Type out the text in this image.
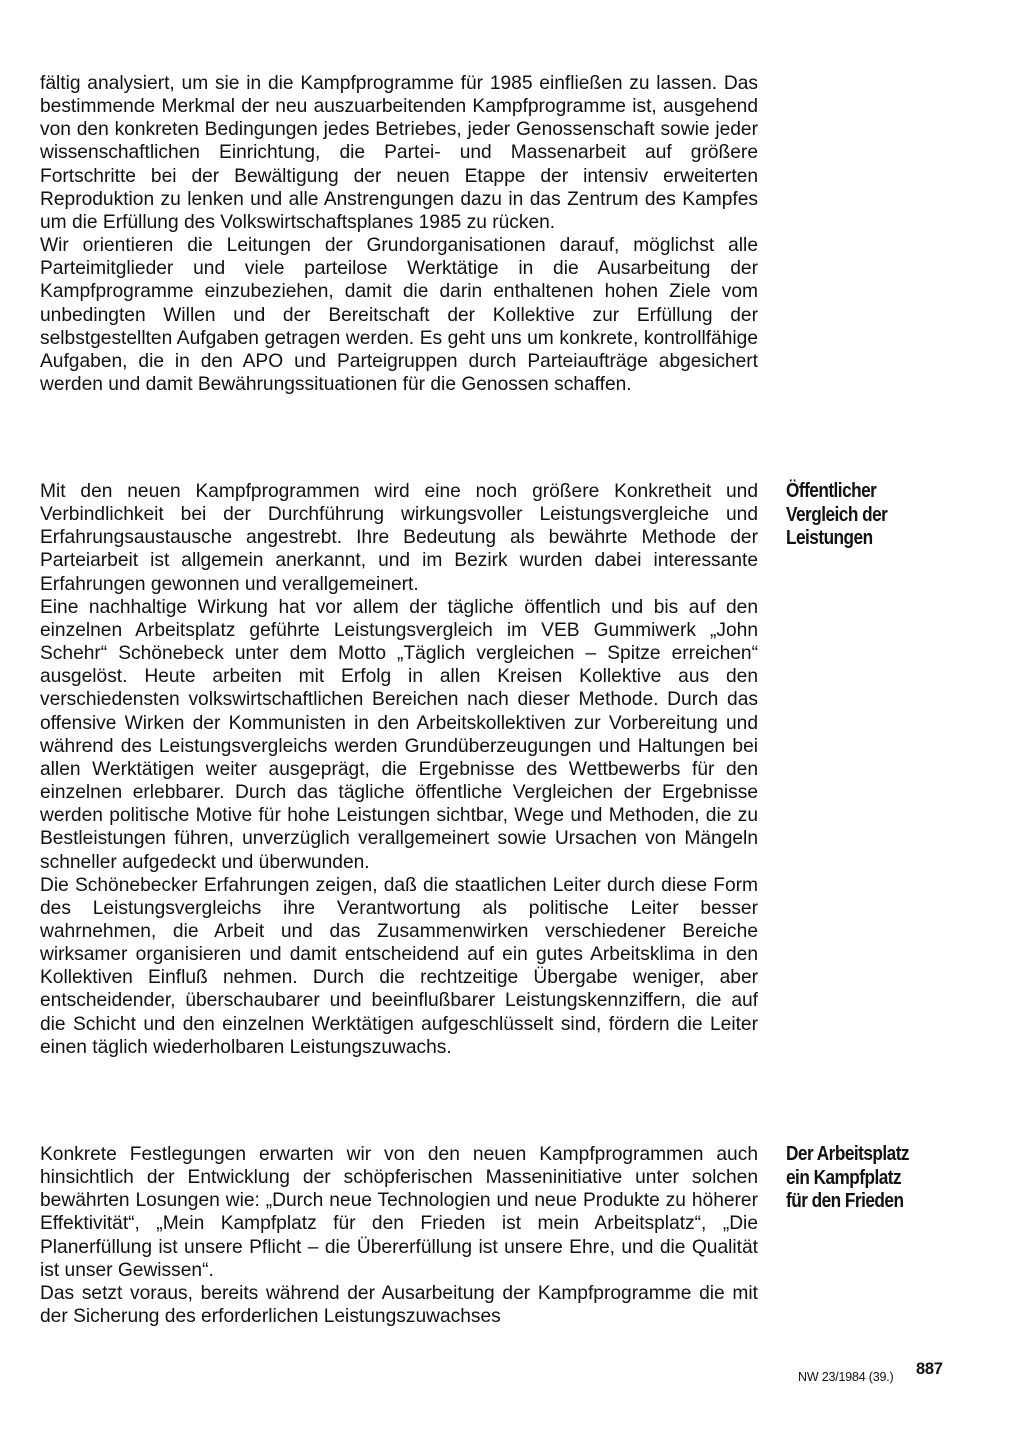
fältig analysiert, um sie in die Kampfprogramme für 1985 einfließen zu lassen. Das bestimmende Merkmal der neu auszuarbeitenden Kampfprogramme ist, ausgehend von den konkreten Bedingungen jedes Betriebes, jeder Genossenschaft sowie jeder wissenschaftlichen Einrichtung, die Partei- und Massenarbeit auf größere Fortschritte bei der Bewältigung der neuen Etappe der intensiv erweiterten Reproduktion zu lenken und alle Anstrengungen dazu in das Zentrum des Kampfes um die Erfüllung des Volkswirtschaftsplanes 1985 zu rücken.

Wir orientieren die Leitungen der Grundorganisationen darauf, möglichst alle Parteimitglieder und viele parteilose Werktätige in die Ausarbeitung der Kampfprogramme einzubeziehen, damit die darin enthaltenen hohen Ziele vom unbedingten Willen und der Bereitschaft der Kollektive zur Erfüllung der selbstgestellten Aufgaben getragen werden. Es geht uns um konkrete, kontrollfähige Aufgaben, die in den APO und Parteigruppen durch Parteiaufträge abgesichert werden und damit Bewährungssituationen für die Genossen schaffen.

Mit den neuen Kampfprogrammen wird eine noch größere Konkretheit und Verbindlichkeit bei der Durchführung wirkungsvoller Leistungsvergleiche und Erfahrungsaustausche angestrebt. Ihre Bedeutung als bewährte Methode der Parteiarbeit ist allgemein anerkannt, und im Bezirk wurden dabei interessante Erfahrungen gewonnen und verallgemeinert.

Eine nachhaltige Wirkung hat vor allem der tägliche öffentlich und bis auf den einzelnen Arbeitsplatz geführte Leistungsvergleich im VEB Gummiwerk „John Schehr“ Schönebeck unter dem Motto „Täglich vergleichen – Spitze erreichen“ ausgelöst. Heute arbeiten mit Erfolg in allen Kreisen Kollektive aus den verschiedensten volkswirtschaftlichen Bereichen nach dieser Methode. Durch das offensive Wirken der Kommunisten in den Arbeitskollektiven zur Vorbereitung und während des Leistungsvergleichs werden Grundüberzeugungen und Haltungen bei allen Werktätigen weiter ausgeprägt, die Ergebnisse des Wettbewerbs für den einzelnen erlebbarer. Durch das tägliche öffentliche Vergleichen der Ergebnisse werden politische Motive für hohe Leistungen sichtbar, Wege und Methoden, die zu Bestleistungen führen, unverzüglich verallgemeinert sowie Ursachen von Mängeln schneller aufgedeckt und überwunden.

Die Schönebecker Erfahrungen zeigen, daß die staatlichen Leiter durch diese Form des Leistungsvergleichs ihre Verantwortung als politische Leiter besser wahrnehmen, die Arbeit und das Zusammenwirken verschiedener Bereiche wirksamer organisieren und damit entscheidend auf ein gutes Arbeitsklima in den Kollektiven Einfluß nehmen. Durch die rechtzeitige Übergabe weniger, aber entscheidender, überschaubarer und beeinflußbarer Leistungskennziffern, die auf die Schicht und den einzelnen Werktätigen aufgeschlüsselt sind, fördern die Leiter einen täglich wiederholbaren Leistungszuwachs.

Öffentlicher
Vergleich der
Leistungen

Konkrete Festlegungen erwarten wir von den neuen Kampfprogrammen auch hinsichtlich der Entwicklung der schöpferischen Masseninitiative unter solchen bewährten Losungen wie: „Durch neue Technologien und neue Produkte zu höherer Effektivität“, „Mein Kampfplatz für den Frieden ist mein Arbeitsplatz“, „Die Planerfüllung ist unsere Pflicht – die Übererfüllung ist unsere Ehre, und die Qualität ist unser Gewissen“.

Das setzt voraus, bereits während der Ausarbeitung der Kampfprogramme die mit der Sicherung des erforderlichen Leistungszuwachses

Der Arbeitsplatz
ein Kampfplatz
für den Frieden
NW 23/1984 (39.) 887
